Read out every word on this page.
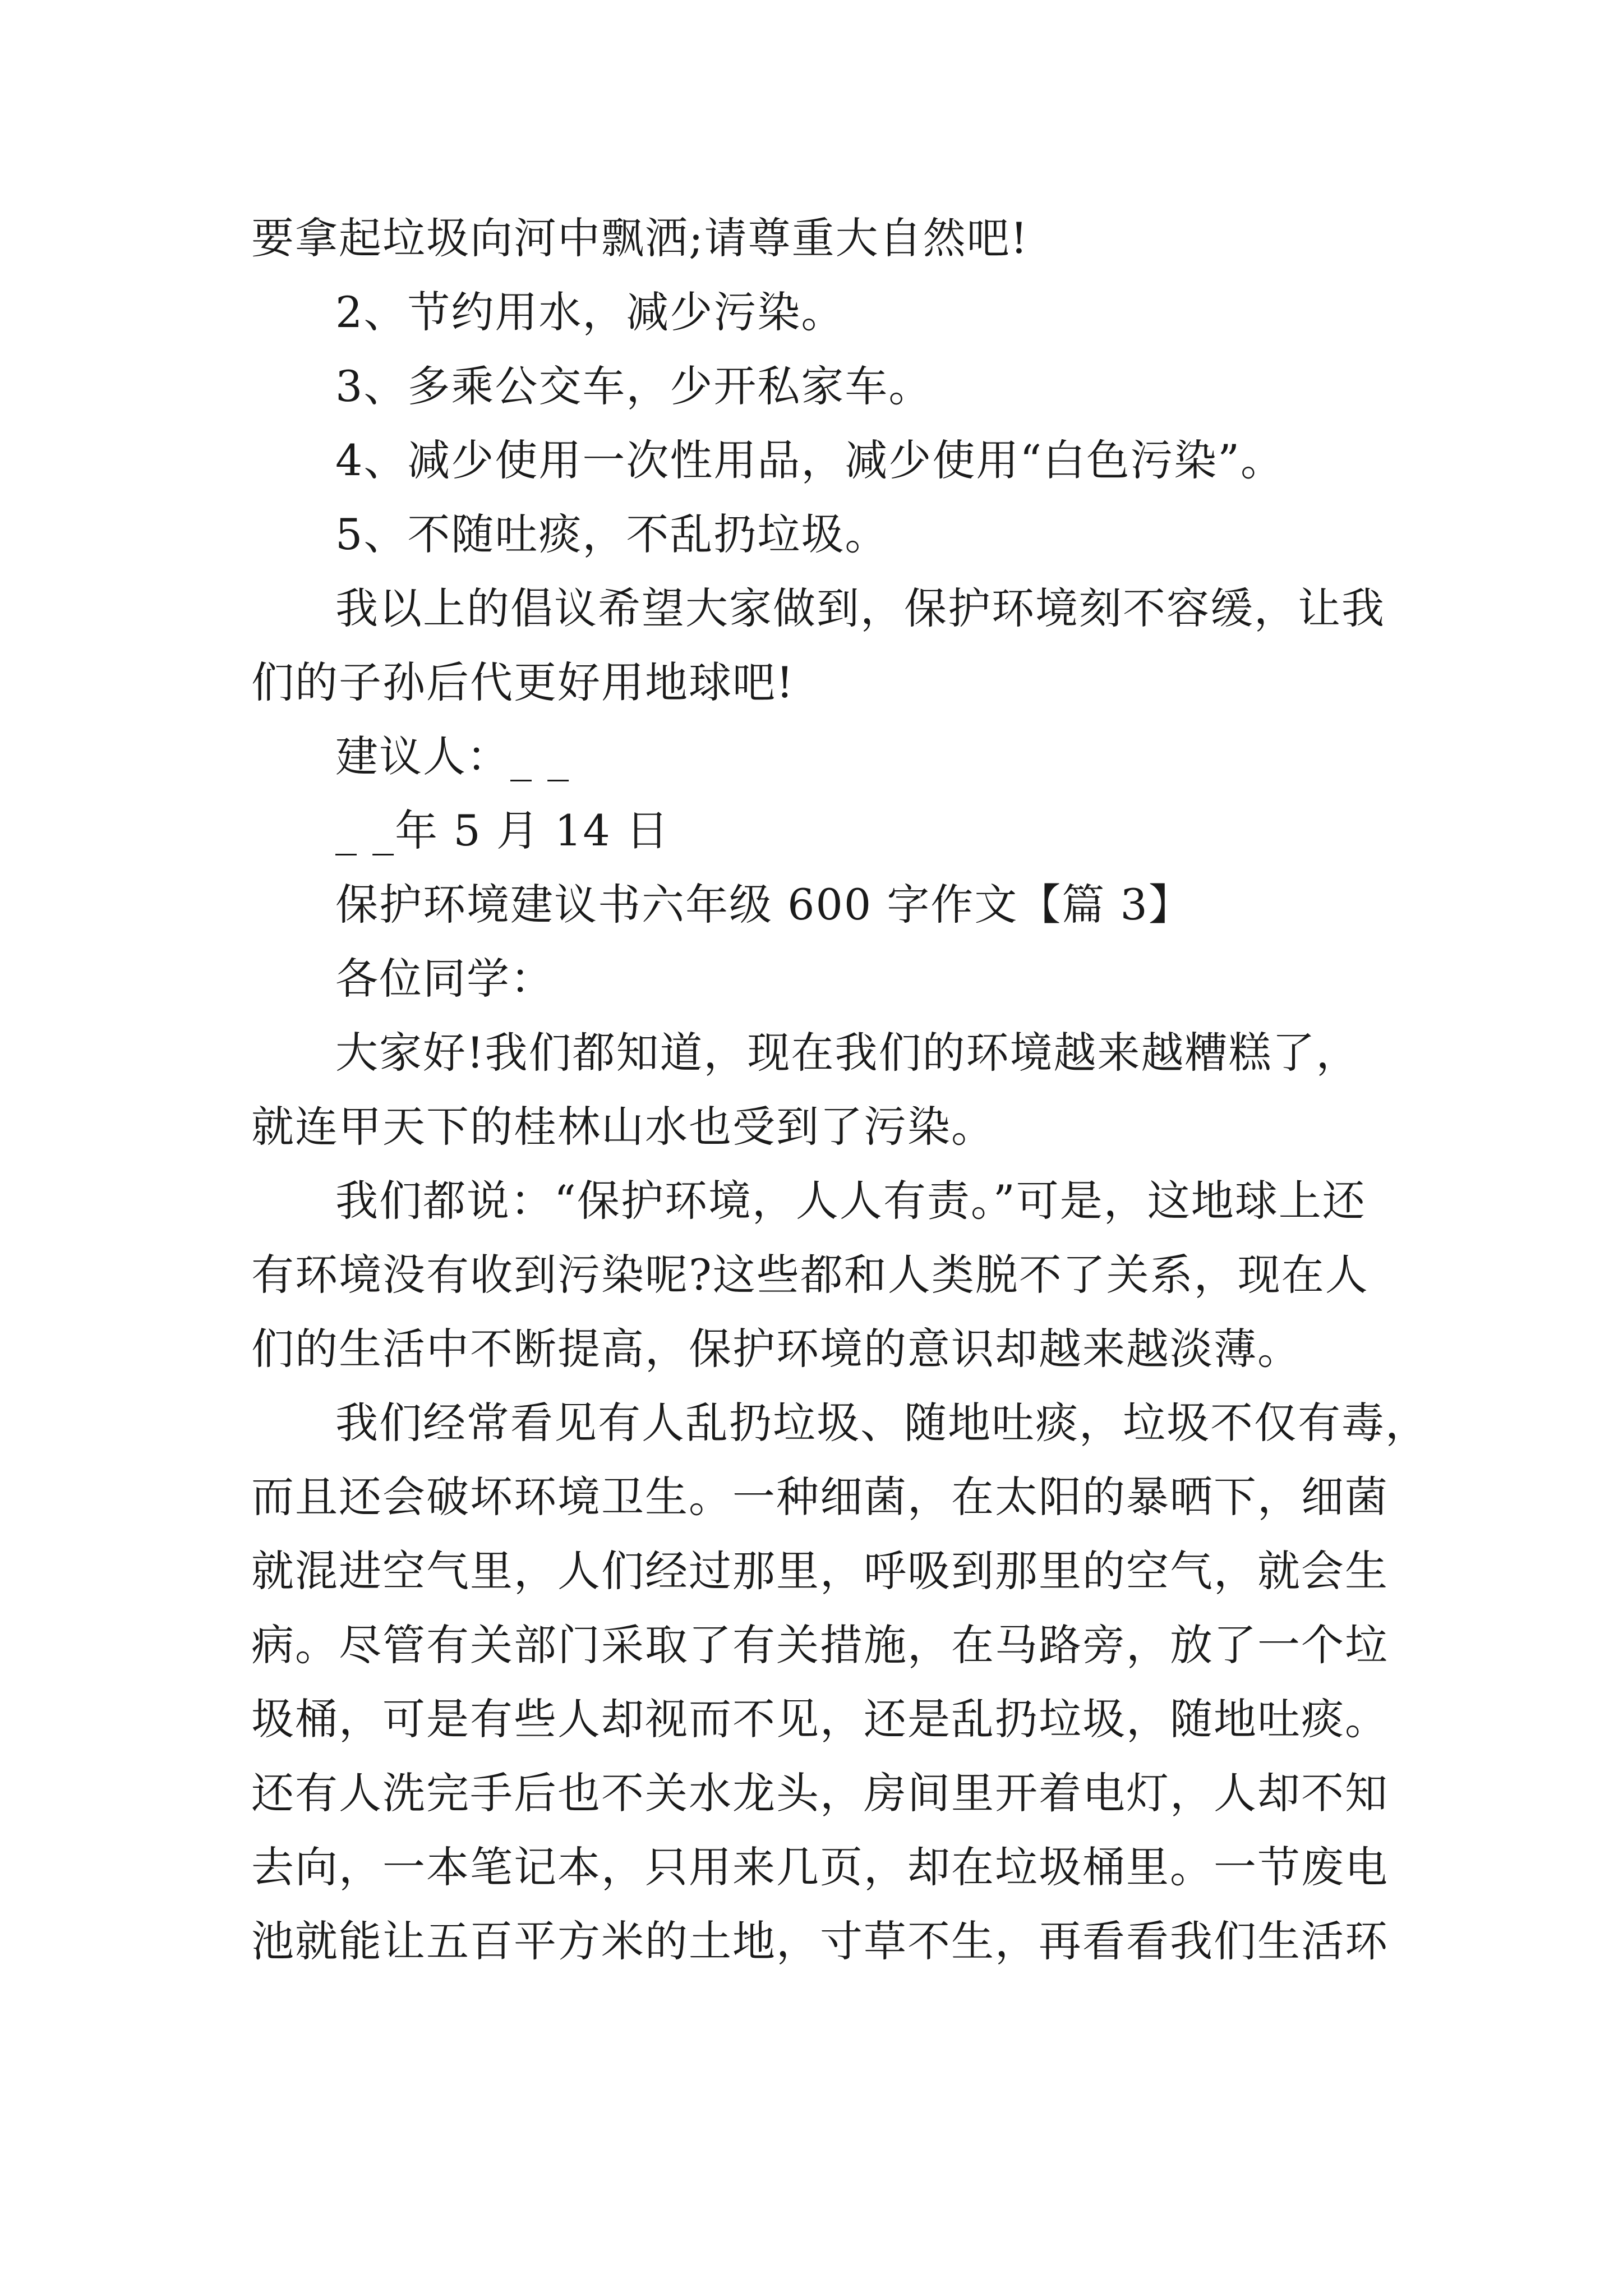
要拿起垃圾向河中飘洒;请尊重大自然吧!
2、节约用水，减少污染。
3、多乘公交车，少开私家车。
4、减少使用一次性用品，减少使用“白色污染”。
5、不随吐痰，不乱扔垃圾。
我以上的倡议希望大家做到，保护环境刻不容缓，让我
们的子孙后代更好用地球吧!
建议人：_ _
_ _年 5 月 14 日
保护环境建议书六年级 600 字作文【篇 3】
各位同学：
大家好!我们都知道，现在我们的环境越来越糟糕了，
就连甲天下的桂林山水也受到了污染。
我们都说：“保护环境，人人有责。”可是，这地球上还
有环境没有收到污染呢?这些都和人类脱不了关系，现在人
们的生活中不断提高，保护环境的意识却越来越淡薄。
我们经常看见有人乱扔垃圾、随地吐痰，垃圾不仅有毒，
而且还会破坏环境卫生。一种细菌，在太阳的暴晒下，细菌
就混进空气里，人们经过那里，呼吸到那里的空气，就会生
病。尽管有关部门采取了有关措施，在马路旁，放了一个垃
圾桶，可是有些人却视而不见，还是乱扔垃圾，随地吐痰。
还有人洗完手后也不关水龙头，房间里开着电灯，人却不知
去向，一本笔记本，只用来几页，却在垃圾桶里。一节废电
池就能让五百平方米的土地，寸草不生，再看看我们生活环
